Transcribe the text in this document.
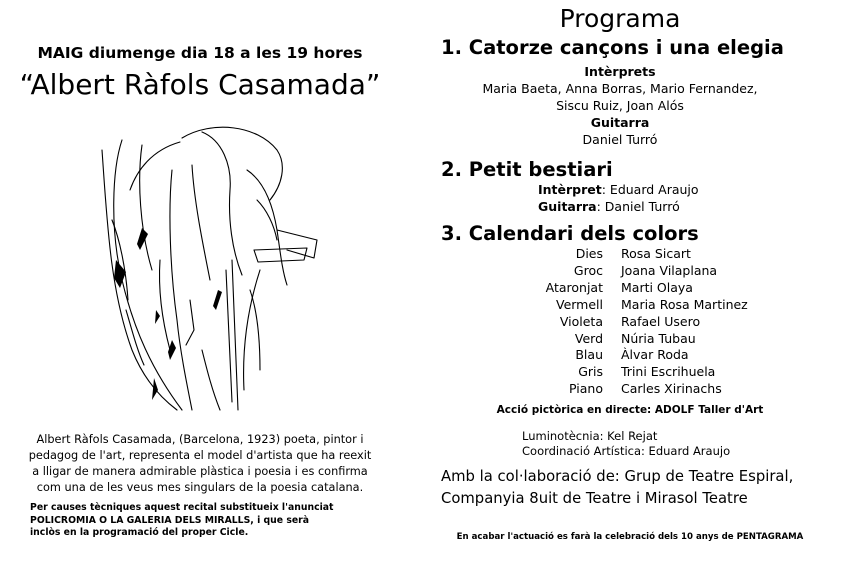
MAIG diumenge dia 18 a les 19 hores
“Albert Ràfols Casamada”
Albert Ràfols Casamada, (Barcelona, 1923) poeta, pintor i
pedagog de l'art, representa el model d'artista que ha reexit
a lligar de manera admirable plàstica i poesia i es confirma
com una de les veus mes singulars de la poesia catalana.
Per causes tècniques aquest recital substitueix l'anunciat
POLICROMIA O LA GALERIA DELS MIRALLS, i que serà
inclòs en la programació del proper Cicle.
Programa
1. Catorze cançons i una elegia
Intèrprets
Maria Baeta, Anna Borras, Mario Fernandez,
Siscu Ruiz, Joan Alós
Guitarra
Daniel Turró
2. Petit bestiari
Intèrpret: Eduard Araujo
Guitarra: Daniel Turró
3. Calendari dels colors
Dies
Groc
Ataronjat
Vermell
Violeta
Verd
Blau
Gris
Piano
Rosa Sicart
Joana Vilaplana
Marti Olaya
Maria Rosa Martinez
Rafael Usero
Núria Tubau
Àlvar Roda
Trini Escrihuela
Carles Xirinachs
Acció pictòrica en directe: ADOLF Taller d'Art
Luminotècnia: Kel Rejat
Coordinació Artística: Eduard Araujo
Amb la col·laboració de: Grup de Teatre Espiral,
Companyia 8uit de Teatre i Mirasol Teatre
En acabar l'actuació es farà la celebració dels 10 anys de PENTAGRAMA
